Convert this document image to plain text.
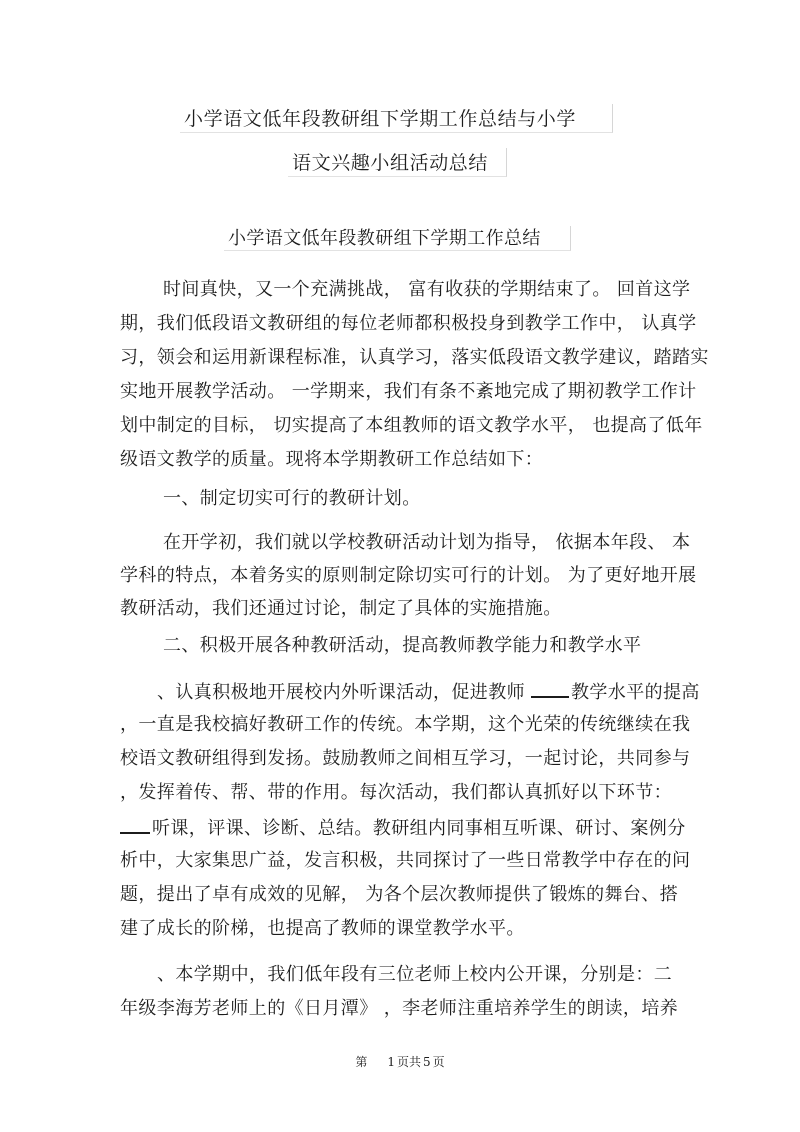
小学语文低年段教研组下学期工作总结与小学

语文兴趣小组活动总结

小学语文低年段教研组下学期工作总结

时间真快，又一个充满挑战， 富有收获的学期结束了。 回首这学

期，我们低段语文教研组的每位老师都积极投身到教学工作中， 认真学

习，领会和运用新课程标准，认真学习，落实低段语文教学建议，踏踏实

实地开展教学活动。 一学期来，我们有条不紊地完成了期初教学工作计

划中制定的目标， 切实提高了本组教师的语文教学水平， 也提高了低年

级语文教学的质量。现将本学期教研工作总结如下：

一、制定切实可行的教研计划。

在开学初，我们就以学校教研活动计划为指导， 依据本年段、 本

学科的特点，本着务实的原则制定除切实可行的计划。 为了更好地开展

教研活动，我们还通过讨论，制定了具体的实施措施。

二、积极开展各种教研活动，提高教师教学能力和教学水平

、认真积极地开展校内外听课活动，促进教师	教学水平的提高

，一直是我校搞好教研工作的传统。本学期，这个光荣的传统继续在我

校语文教研组得到发扬。鼓励教师之间相互学习，一起讨论，共同参与

，发挥着传、帮、带的作用。每次活动，我们都认真抓好以下环节：

听课，评课、诊断、总结。教研组内同事相互听课、研讨、案例分

析中，大家集思广益，发言积极，共同探讨了一些日常教学中存在的问

题，提出了卓有成效的见解， 为各个层次教师提供了锻炼的舞台、搭

建了成长的阶梯，也提高了教师的课堂教学水平。

、本学期中，我们低年段有三位老师上校内公开课，分别是：二

年级李海芳老师上的《日月潭》 ，李老师注重培养学生的朗读，培养

第 1 页共 5 页
